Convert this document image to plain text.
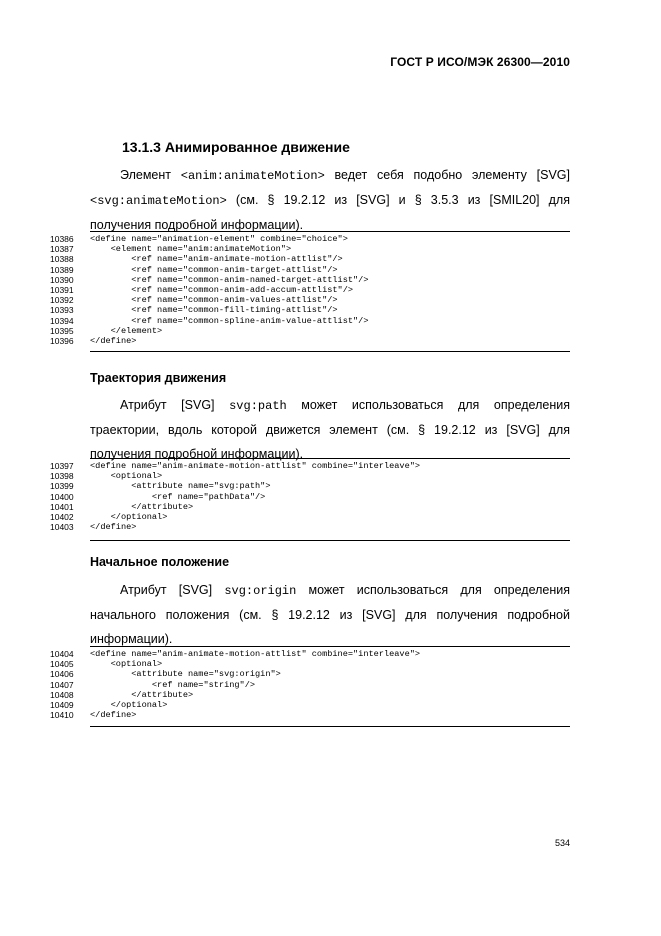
ГОСТ Р ИСО/МЭК 26300—2010
13.1.3 Анимированное движение
Элемент <anim:animateMotion> ведет себя подобно элементу [SVG] <svg:animateMotion> (см. § 19.2.12 из [SVG] и § 3.5.3 из [SMIL20] для получения подробной информации).
10386	<define name="animation-element" combine="choice">
10387	<element name="anim:animateMotion">
10388	<ref name="anim-animate-motion-attlist"/>
10389	<ref name="common-anim-target-attlist"/>
10390	<ref name="common-anim-named-target-attlist"/>
10391	<ref name="common-anim-add-accum-attlist"/>
10392	<ref name="common-anim-values-attlist"/>
10393	<ref name="common-fill-timing-attlist"/>
10394	<ref name="common-spline-anim-value-attlist"/>
10395	</element>
10396	</define>
Траектория движения
Атрибут [SVG] svg:path может использоваться для определения траектории, вдоль которой движется элемент (см. § 19.2.12 из [SVG] для получения подробной информации).
10397	<define name="anim-animate-motion-attlist" combine="interleave">
10398	<optional>
10399	<attribute name="svg:path">
10400	<ref name="pathData"/>
10401	</attribute>
10402	</optional>
10403	</define>
Начальное положение
Атрибут [SVG] svg:origin может использоваться для определения начального положения (см. § 19.2.12 из [SVG] для получения подробной информации).
10404	<define name="anim-animate-motion-attlist" combine="interleave">
10405	<optional>
10406	<attribute name="svg:origin">
10407	<ref name="string"/>
10408	</attribute>
10409	</optional>
10410	</define>
534
